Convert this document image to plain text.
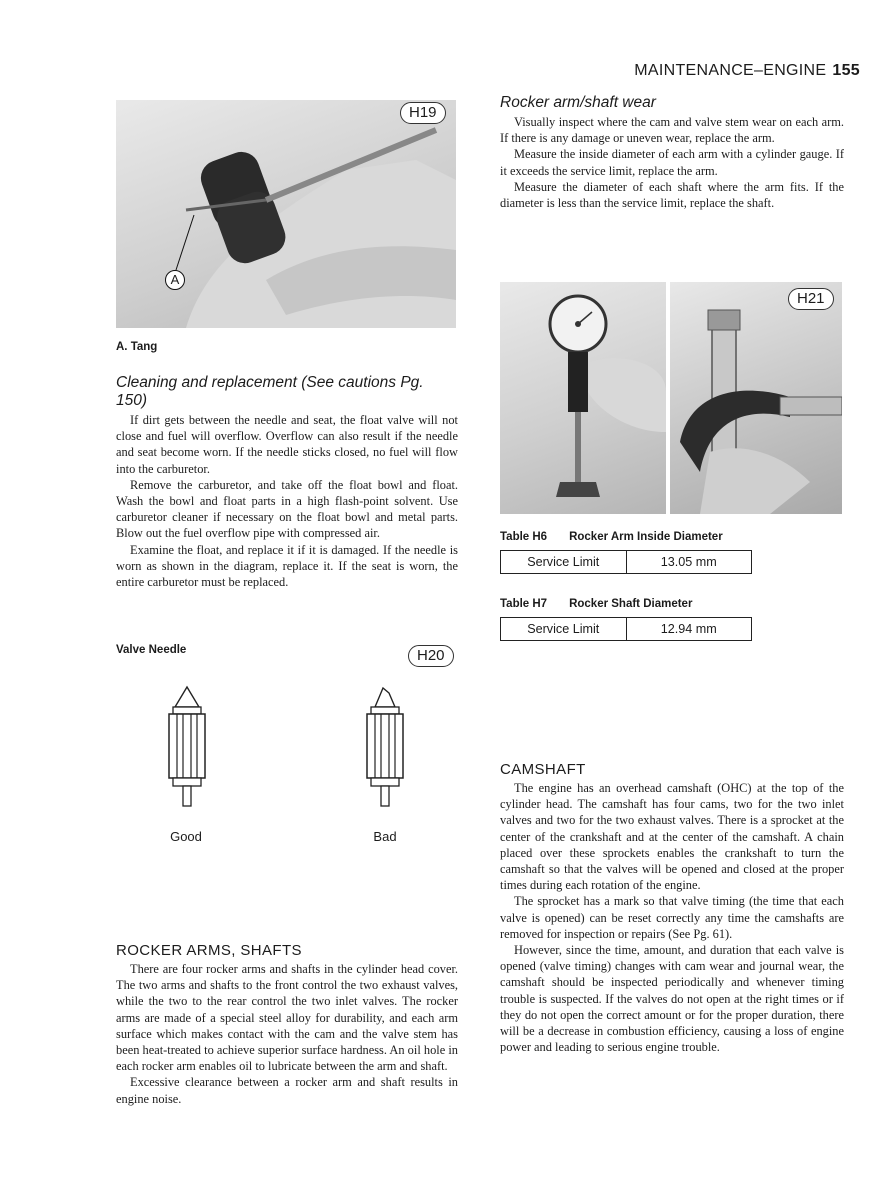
MAINTENANCE–ENGINE 155
H19
A
A. Tang
Cleaning and replacement (See cautions Pg. 150)

If dirt gets between the needle and seat, the float valve will not close and fuel will overflow. Overflow can also result if the needle and seat become worn. If the needle sticks closed, no fuel will flow into the carburetor.

Remove the carburetor, and take off the float bowl and float. Wash the bowl and float parts in a high flash-point solvent. Use carburetor cleaner if necessary on the float bowl and metal parts. Blow out the fuel overflow pipe with compressed air.

Examine the float, and replace it if it is damaged. If the needle is worn as shown in the diagram, replace it. If the seat is worn, the entire carburetor must be replaced.

Valve Needle	H20
Good	Bad
ROCKER ARMS, SHAFTS

There are four rocker arms and shafts in the cylinder head cover. The two arms and shafts to the front control the two exhaust valves, while the two to the rear control the two inlet valves. The rocker arms are made of a special steel alloy for durability, and each arm surface which makes contact with the cam and the valve stem has been heat-treated to achieve superior surface hardness. An oil hole in each rocker arm enables oil to lubricate between the arm and shaft.

Excessive clearance between a rocker arm and shaft results in engine noise.

Rocker arm/shaft wear

Visually inspect where the cam and valve stem wear on each arm. If there is any damage or uneven wear, replace the arm.

Measure the inside diameter of each arm with a cylinder gauge. If it exceeds the service limit, replace the arm.

Measure the diameter of each shaft where the arm fits. If the diameter is less than the service limit, replace the shaft.

H21
Table H6 Rocker Arm Inside Diameter
Service Limit	13.05 mm
Table H7 Rocker Shaft Diameter
Service Limit	12.94 mm
CAMSHAFT

The engine has an overhead camshaft (OHC) at the top of the cylinder head. The camshaft has four cams, two for the two inlet valves and two for the two exhaust valves. There is a sprocket at the center of the crankshaft and at the center of the camshaft. A chain placed over these sprockets enables the crankshaft to turn the camshaft so that the valves will be opened and closed at the proper times during each rotation of the engine.

The sprocket has a mark so that valve timing (the time that each valve is opened) can be reset correctly any time the camshafts are removed for inspection or repairs (See Pg. 61).

However, since the time, amount, and duration that each valve is opened (valve timing) changes with cam wear and journal wear, the camshaft should be inspected periodically and whenever timing trouble is suspected. If the valves do not open at the right times or if they do not open the correct amount or for the proper duration, there will be a decrease in combustion efficiency, causing a loss of engine power and leading to serious engine trouble.
